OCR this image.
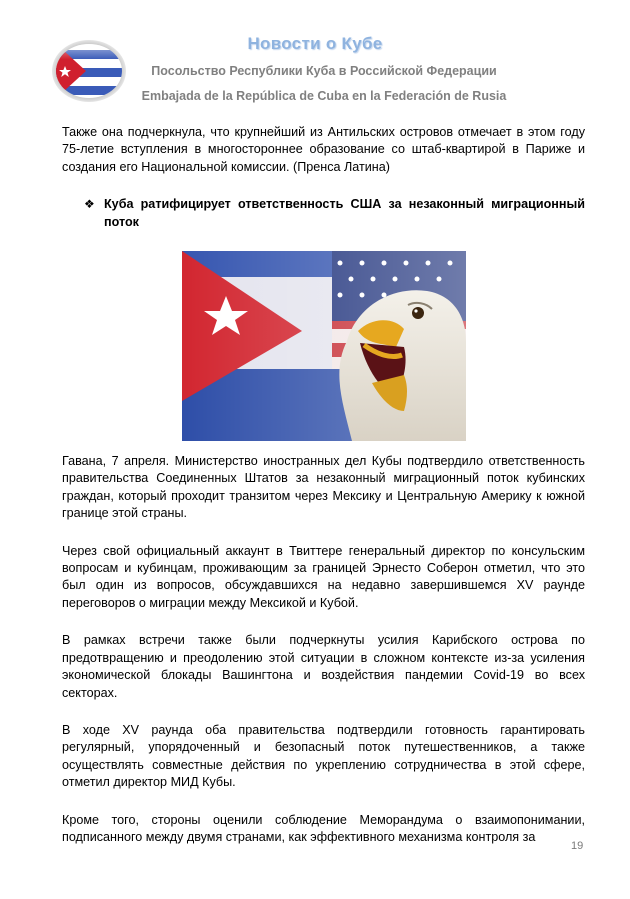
Новости о Кубе
Посольство Республики Куба в Российской Федерации
Embajada de la República de Cuba en la Federación de Rusia

Также она подчеркнула, что крупнейший из Антильских островов отмечает в этом году 75-летие вступления в многостороннее образование со штаб-квартирой в Париже и создания его Национальной комиссии. (Пренса Латина)

❖ Куба ратифицирует ответственность США за незаконный миграционный поток

Гавана, 7 апреля. Министерство иностранных дел Кубы подтвердило ответственность правительства Соединенных Штатов за незаконный миграционный поток кубинских граждан, который проходит транзитом через Мексику и Центральную Америку к южной границе этой страны.

Через свой официальный аккаунт в Твиттере генеральный директор по консульским вопросам и кубинцам, проживающим за границей Эрнесто Соберон отметил, что это был один из вопросов, обсуждавшихся на недавно завершившемся XV раунде переговоров о миграции между Мексикой и Кубой.

В рамках встречи также были подчеркнуты усилия Карибского острова по предотвращению и преодолению этой ситуации в сложном контексте из-за усиления экономической блокады Вашингтона и воздействия пандемии Covid-19 во всех секторах.

В ходе XV раунда оба правительства подтвердили готовность гарантировать регулярный, упорядоченный и безопасный поток путешественников, а также осуществлять совместные действия по укреплению сотрудничества в этой сфере, отметил директор МИД Кубы.

Кроме того, стороны оценили соблюдение Меморандума о взаимопонимании, подписанного между двумя странами, как эффективного механизма контроля за

19
